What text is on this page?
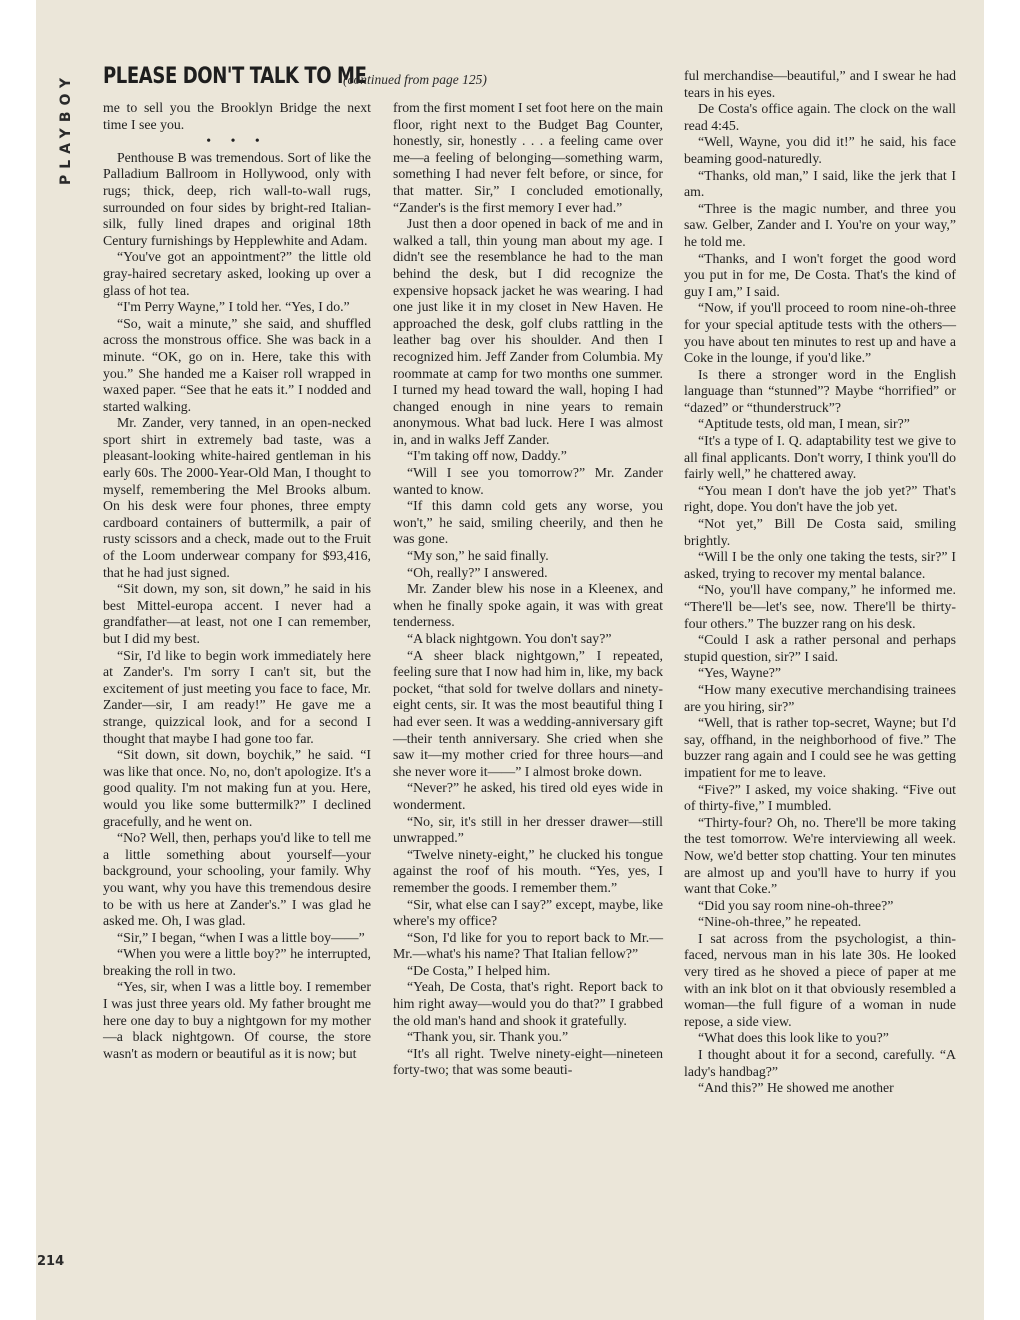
PLAYBOY
214
PLEASE DON'T TALK TO ME
(continued from page 125)

me to sell you the Brooklyn Bridge the next time I see you.

• • •

Penthouse B was tremendous. Sort of like the Palladium Ballroom in Hollywood, only with rugs; thick, deep, rich wall-to-wall rugs, surrounded on four sides by bright-red Italian-silk, fully lined drapes and original 18th Century furnishings by Hepplewhite and Adam.

“You've got an appointment?” the little old gray-haired secretary asked, looking up over a glass of hot tea.

“I'm Perry Wayne,” I told her. “Yes, I do.”

“So, wait a minute,” she said, and shuffled across the monstrous office. She was back in a minute. “OK, go on in. Here, take this with you.” She handed me a Kaiser roll wrapped in waxed paper. “See that he eats it.” I nodded and started walking.

Mr. Zander, very tanned, in an open-necked sport shirt in extremely bad taste, was a pleasant-looking white-haired gentleman in his early 60s. The 2000-Year-Old Man, I thought to myself, remembering the Mel Brooks album. On his desk were four phones, three empty cardboard containers of buttermilk, a pair of rusty scissors and a check, made out to the Fruit of the Loom underwear company for $93,416, that he had just signed.

“Sit down, my son, sit down,” he said in his best Mittel-europa accent. I never had a grandfather—at least, not one I can remember, but I did my best.

“Sir, I'd like to begin work immediately here at Zander's. I'm sorry I can't sit, but the excitement of just meeting you face to face, Mr. Zander—sir, I am ready!” He gave me a strange, quizzical look, and for a second I thought that maybe I had gone too far.

“Sit down, sit down, boychik,” he said. “I was like that once. No, no, don't apologize. It's a good quality. I'm not making fun at you. Here, would you like some buttermilk?” I declined gracefully, and he went on.

“No? Well, then, perhaps you'd like to tell me a little something about yourself—your background, your schooling, your family. Why you want, why you have this tremendous desire to be with us here at Zander's.” I was glad he asked me. Oh, I was glad.

“Sir,” I began, “when I was a little boy——”

“When you were a little boy?” he interrupted, breaking the roll in two.

“Yes, sir, when I was a little boy. I remember I was just three years old. My father brought me here one day to buy a nightgown for my mother—a black nightgown. Of course, the store wasn't as modern or beautiful as it is now; but

from the first moment I set foot here on the main floor, right next to the Budget Bag Counter, honestly, sir, honestly . . . a feeling came over me—a feeling of belonging—something warm, something I had never felt before, or since, for that matter. Sir,” I concluded emotionally, “Zander's is the first memory I ever had.”

Just then a door opened in back of me and in walked a tall, thin young man about my age. I didn't see the resemblance he had to the man behind the desk, but I did recognize the expensive hopsack jacket he was wearing. I had one just like it in my closet in New Haven. He approached the desk, golf clubs rattling in the leather bag over his shoulder. And then I recognized him. Jeff Zander from Columbia. My roommate at camp for two months one summer. I turned my head toward the wall, hoping I had changed enough in nine years to remain anonymous. What bad luck. Here I was almost in, and in walks Jeff Zander.

“I'm taking off now, Daddy.”

“Will I see you tomorrow?” Mr. Zander wanted to know.

“If this damn cold gets any worse, you won't,” he said, smiling cheerily, and then he was gone.

“My son,” he said finally.

“Oh, really?” I answered.

Mr. Zander blew his nose in a Kleenex, and when he finally spoke again, it was with great tenderness.

“A black nightgown. You don't say?”

“A sheer black nightgown,” I repeated, feeling sure that I now had him in, like, my back pocket, “that sold for twelve dollars and ninety-eight cents, sir. It was the most beautiful thing I had ever seen. It was a wedding-anniversary gift—their tenth anniversary. She cried when she saw it—my mother cried for three hours—and she never wore it——” I almost broke down.

“Never?” he asked, his tired old eyes wide in wonderment.

“No, sir, it's still in her dresser drawer—still unwrapped.”

“Twelve ninety-eight,” he clucked his tongue against the roof of his mouth. “Yes, yes, I remember the goods. I remember them.”

“Sir, what else can I say?” except, maybe, like where's my office?

“Son, I'd like for you to report back to Mr.—Mr.—what's his name? That Italian fellow?”

“De Costa,” I helped him.

“Yeah, De Costa, that's right. Report back to him right away—would you do that?” I grabbed the old man's hand and shook it gratefully.

“Thank you, sir. Thank you.”

“It's all right. Twelve ninety-eight—nineteen forty-two; that was some beauti-

ful merchandise—beautiful,” and I swear he had tears in his eyes.

De Costa's office again. The clock on the wall read 4:45.

“Well, Wayne, you did it!” he said, his face beaming good-naturedly.

“Thanks, old man,” I said, like the jerk that I am.

“Three is the magic number, and three you saw. Gelber, Zander and I. You're on your way,” he told me.

“Thanks, and I won't forget the good word you put in for me, De Costa. That's the kind of guy I am,” I said.

“Now, if you'll proceed to room nine-oh-three for your special aptitude tests with the others—you have about ten minutes to rest up and have a Coke in the lounge, if you'd like.”

Is there a stronger word in the English language than “stunned”? Maybe “horrified” or “dazed” or “thunderstruck”?

“Aptitude tests, old man, I mean, sir?”

“It's a type of I. Q. adaptability test we give to all final applicants. Don't worry, I think you'll do fairly well,” he chattered away.

“You mean I don't have the job yet?” That's right, dope. You don't have the job yet.

“Not yet,” Bill De Costa said, smiling brightly.

“Will I be the only one taking the tests, sir?” I asked, trying to recover my mental balance.

“No, you'll have company,” he informed me. “There'll be—let's see, now. There'll be thirty-four others.” The buzzer rang on his desk.

“Could I ask a rather personal and perhaps stupid question, sir?” I said.

“Yes, Wayne?”

“How many executive merchandising trainees are you hiring, sir?”

“Well, that is rather top-secret, Wayne; but I'd say, offhand, in the neighborhood of five.” The buzzer rang again and I could see he was getting impatient for me to leave.

“Five?” I asked, my voice shaking. “Five out of thirty-five,” I mumbled.

“Thirty-four? Oh, no. There'll be more taking the test tomorrow. We're interviewing all week. Now, we'd better stop chatting. Your ten minutes are almost up and you'll have to hurry if you want that Coke.”

“Did you say room nine-oh-three?”

“Nine-oh-three,” he repeated.

I sat across from the psychologist, a thin-faced, nervous man in his late 30s. He looked very tired as he shoved a piece of paper at me with an ink blot on it that obviously resembled a woman—the full figure of a woman in nude repose, a side view.

“What does this look like to you?”

I thought about it for a second, carefully. “A lady's handbag?”

“And this?” He showed me another
